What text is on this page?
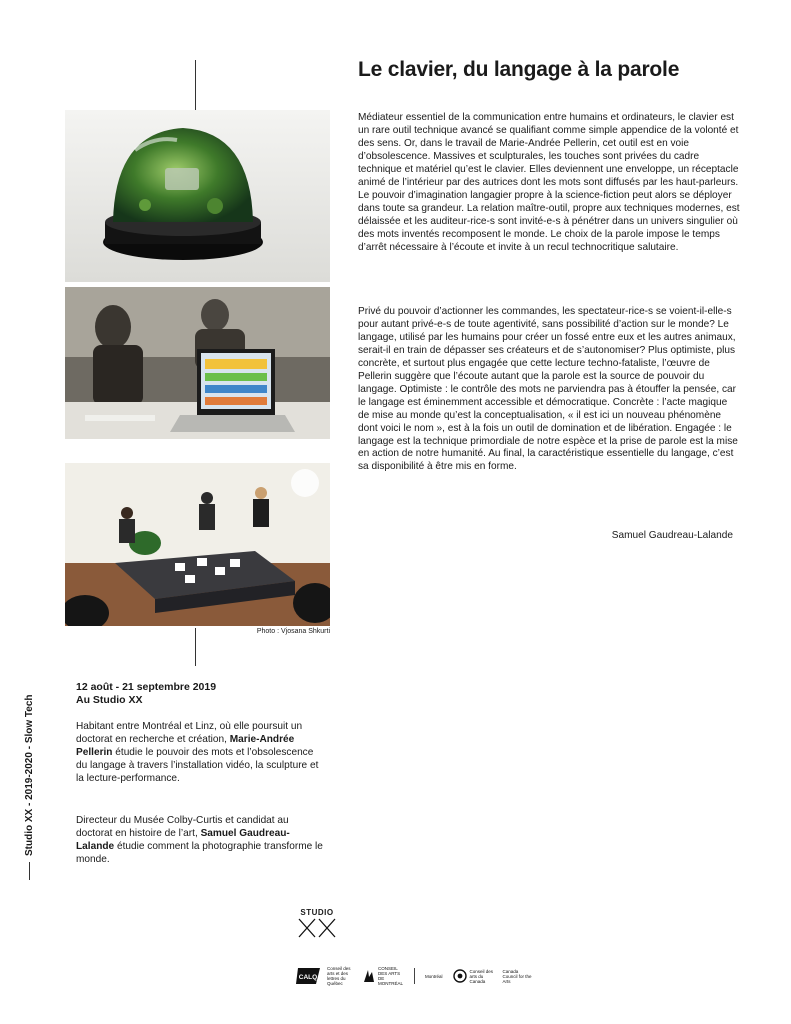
Photo : Vjosana Shkurti
Le clavier, du langage à la parole

Médiateur essentiel de la communication entre humains et ordinateurs, le clavier est un rare outil technique avancé se qualifiant comme simple appendice de la volonté et des sens. Or, dans le travail de Marie-Andrée Pellerin, cet outil est en voie d’obsolescence. Massives et sculpturales, les touches sont privées du cadre technique et matériel qu’est le clavier. Elles deviennent une enveloppe, un réceptacle animé de l’intérieur par des autrices dont les mots sont diffusés par les haut-parleurs. Le pouvoir d’imagination langagier propre à la science-fiction peut alors se déployer dans toute sa grandeur. La relation maître-outil, propre aux techniques modernes, est délaissée et les auditeur-rice-s sont invité-e-s à pénétrer dans un univers singulier où des mots inventés recomposent le monde. Le choix de la parole impose le temps d’arrêt nécessaire à l’écoute et invite à un recul technocritique salutaire.

Privé du pouvoir d’actionner les commandes, les spectateur-rice-s se voient-il-elle-s pour autant privé-e-s de toute agentivité, sans possibilité d’action sur le monde? Le langage, utilisé par les humains pour créer un fossé entre eux et les autres animaux, serait-il en train de dépasser ses créateurs et de s’autonomiser? Plus optimiste, plus concrète, et surtout plus engagée que cette lecture techno-fataliste, l’œuvre de Pellerin suggère que l’écoute autant que la parole est la source de pouvoir du langage. Optimiste : le contrôle des mots ne parviendra pas à étouffer la pensée, car le langage est éminemment accessible et démocratique. Concrète : l’acte magique de mise au monde qu’est la conceptualisation, « il est ici un nouveau phénomène dont voici le nom », est à la fois un outil de domination et de libération. Engagée : le langage est la technique primordiale de notre espèce et la prise de parole est la mise en action de notre humanité. Au final, la caractéristique essentielle du langage, c’est sa disponibilité à être mis en forme.

Samuel Gaudreau-Lalande
12 août - 21 septembre 2019
Au Studio XX

Habitant entre Montréal et Linz, où elle poursuit un doctorat en recherche et création, Marie-Andrée Pellerin étudie le pouvoir des mots et l’obsolescence du langage à travers l’installation vidéo, la sculpture et la lecture-performance.

Directeur du Musée Colby-Curtis et candidat au doctorat en histoire de l’art, Samuel Gaudreau-Lalande étudie comment la photographie transforme le monde.

Studio XX - 2019-2020 - Slow Tech
STUDIO
CALQ
Conseil des arts et des lettres du Québec
CONSEIL DES ARTS DE MONTRÉAL
Montréal
Conseil des arts du Canada
Canada Council for the Arts
